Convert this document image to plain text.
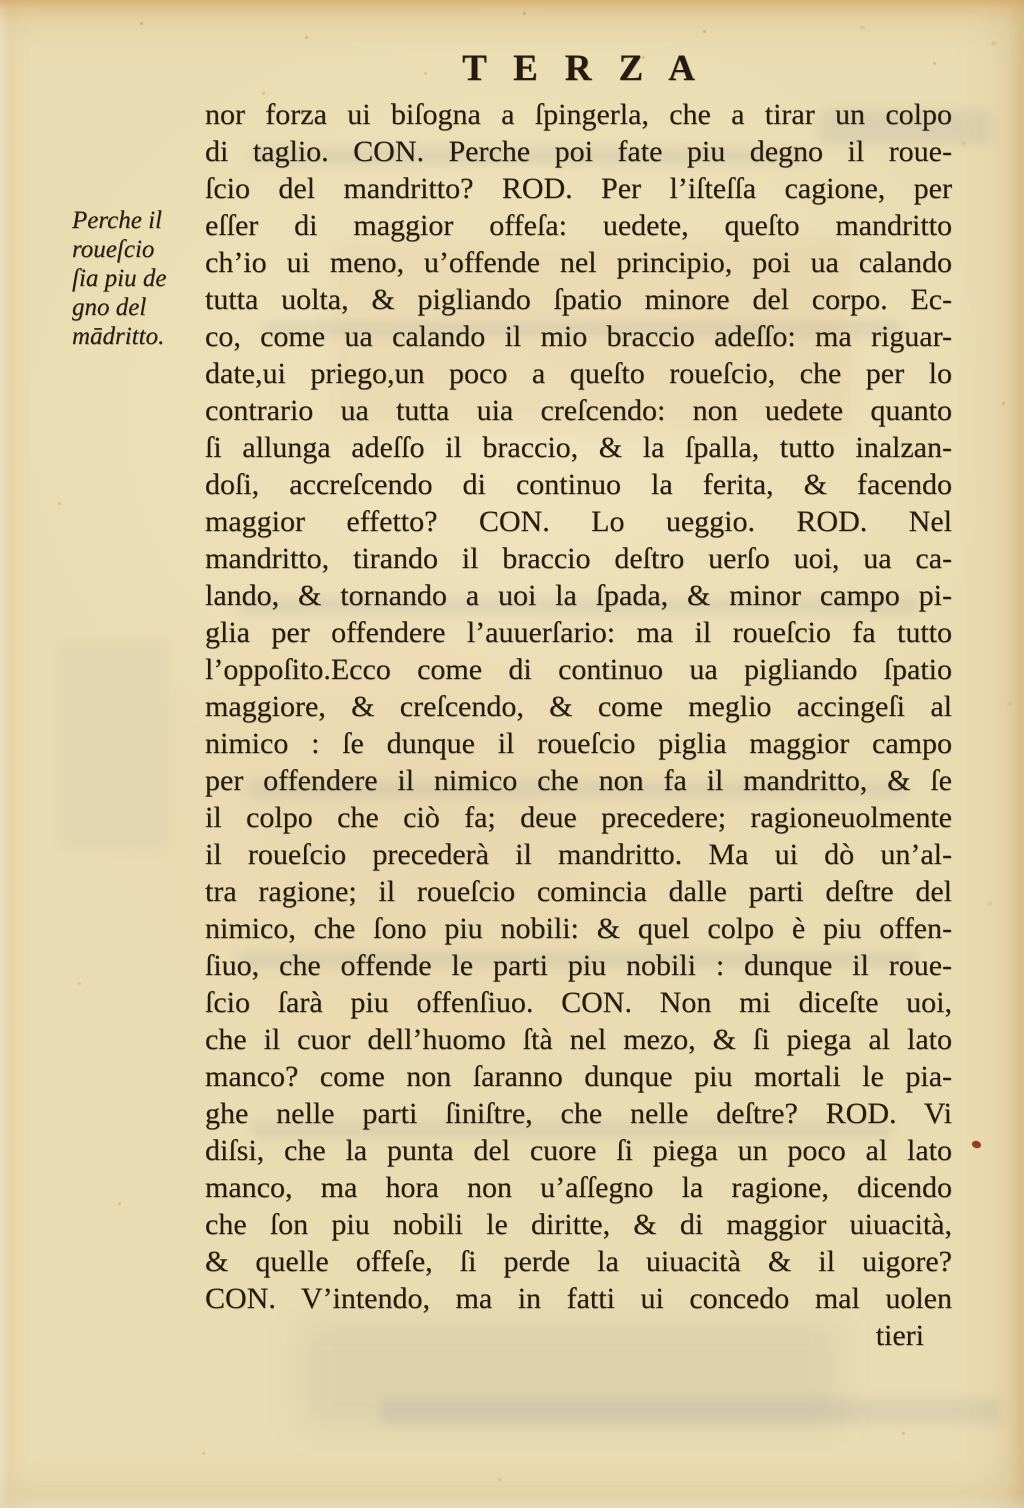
Perche il
roueſcio
ſia piu de
gno del
mādritto.
T E R Z A
nor forza ui biſogna a ſpingerla, che a tirar un colpo
di taglio. CON. Perche poi fate piu degno il roue-
ſcio del mandritto? ROD. Per l’iſteſſa cagione, per
eſſer di maggior offeſa: uedete, queſto mandritto
ch’io ui meno, u’offende nel principio, poi ua calando
tutta uolta, & pigliando ſpatio minore del corpo. Ec-
co, come ua calando il mio braccio adeſſo: ma riguar-
date,ui priego,un poco a queſto roueſcio, che per lo
contrario ua tutta uia creſcendo: non uedete quanto
ſi allunga adeſſo il braccio, & la ſpalla, tutto inalzan-
doſi, accreſcendo di continuo la ferita, & facendo
maggior effetto? CON. Lo ueggio. ROD. Nel
mandritto, tirando il braccio deſtro uerſo uoi, ua ca-
lando, & tornando a uoi la ſpada, & minor campo pi-
glia per offendere l’auuerſario: ma il roueſcio fa tutto
l’oppoſito.Ecco come di continuo ua pigliando ſpatio
maggiore, & creſcendo, & come meglio accingeſi al
nimico : ſe dunque il roueſcio piglia maggior campo
per offendere il nimico che non fa il mandritto, & ſe
il colpo che ciò fa; deue precedere; ragioneuolmente
il roueſcio precederà il mandritto. Ma ui dò un’al-
tra ragione; il roueſcio comincia dalle parti deſtre del
nimico, che ſono piu nobili: & quel colpo è piu offen-
ſiuo, che offende le parti piu nobili : dunque il roue-
ſcio ſarà piu offenſiuo. CON. Non mi diceſte uoi,
che il cuor dell’huomo ſtà nel mezo, & ſi piega al lato
manco? come non ſaranno dunque piu mortali le pia-
ghe nelle parti ſiniſtre, che nelle deſtre? ROD. Vi
diſsi, che la punta del cuore ſi piega un poco al lato
manco, ma hora non u’aſſegno la ragione, dicendo
che ſon piu nobili le diritte, & di maggior uiuacità,
& quelle offeſe, ſi perde la uiuacità & il uigore?
CON. V’intendo, ma in fatti ui concedo mal uolen
tieri
